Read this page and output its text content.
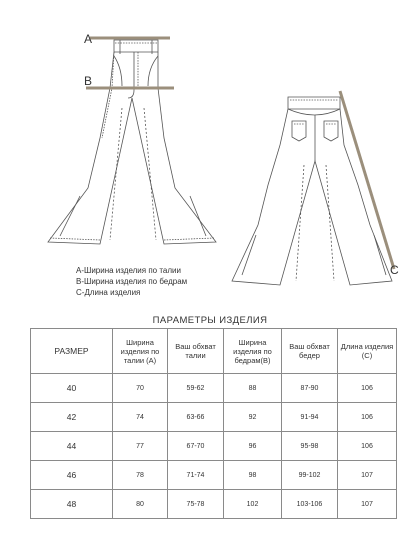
A
B
C
A-Ширина изделия по талии
B-Ширина изделия по бедрам
C-Длина изделия
ПАРАМЕТРЫ ИЗДЕЛИЯ
РАЗМЕР	Ширина изделия по талии (А)	Ваш обхват талии	Ширина изделия по бедрам(B)	Ваш обхват бедер	Длина изделия (С)
40	70	59-62	88	87-90	106
42	74	63-66	92	91-94	106
44	77	67-70	96	95-98	106
46	78	71-74	98	99-102	107
48	80	75-78	102	103-106	107
